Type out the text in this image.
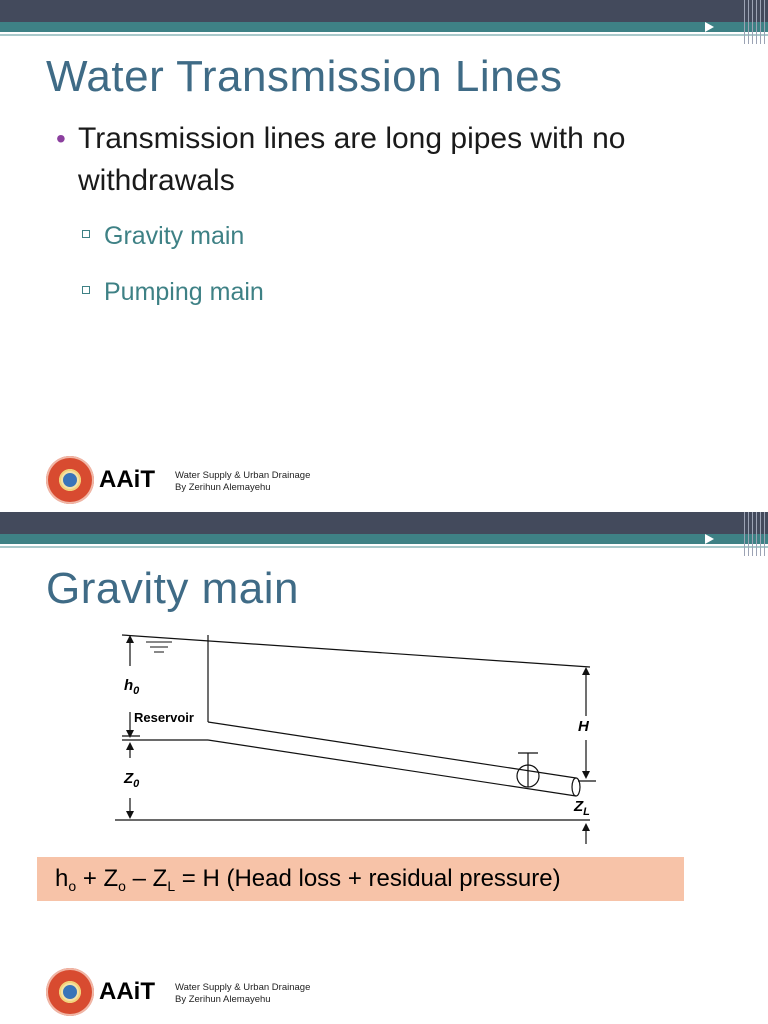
Water Transmission Lines

• Transmission lines are long pipes with no withdrawals

Gravity main

Pumping main

AAiT Water Supply & Urban Drainage
By Zerihun Alemayehu
Gravity main
$h_0$
Reservoir
H
$Z_0$
$Z_L$
$h_o + Z_o - Z_L = H$ (Head loss + residual pressure)

AAiT Water Supply & Urban Drainage
By Zerihun Alemayehu
